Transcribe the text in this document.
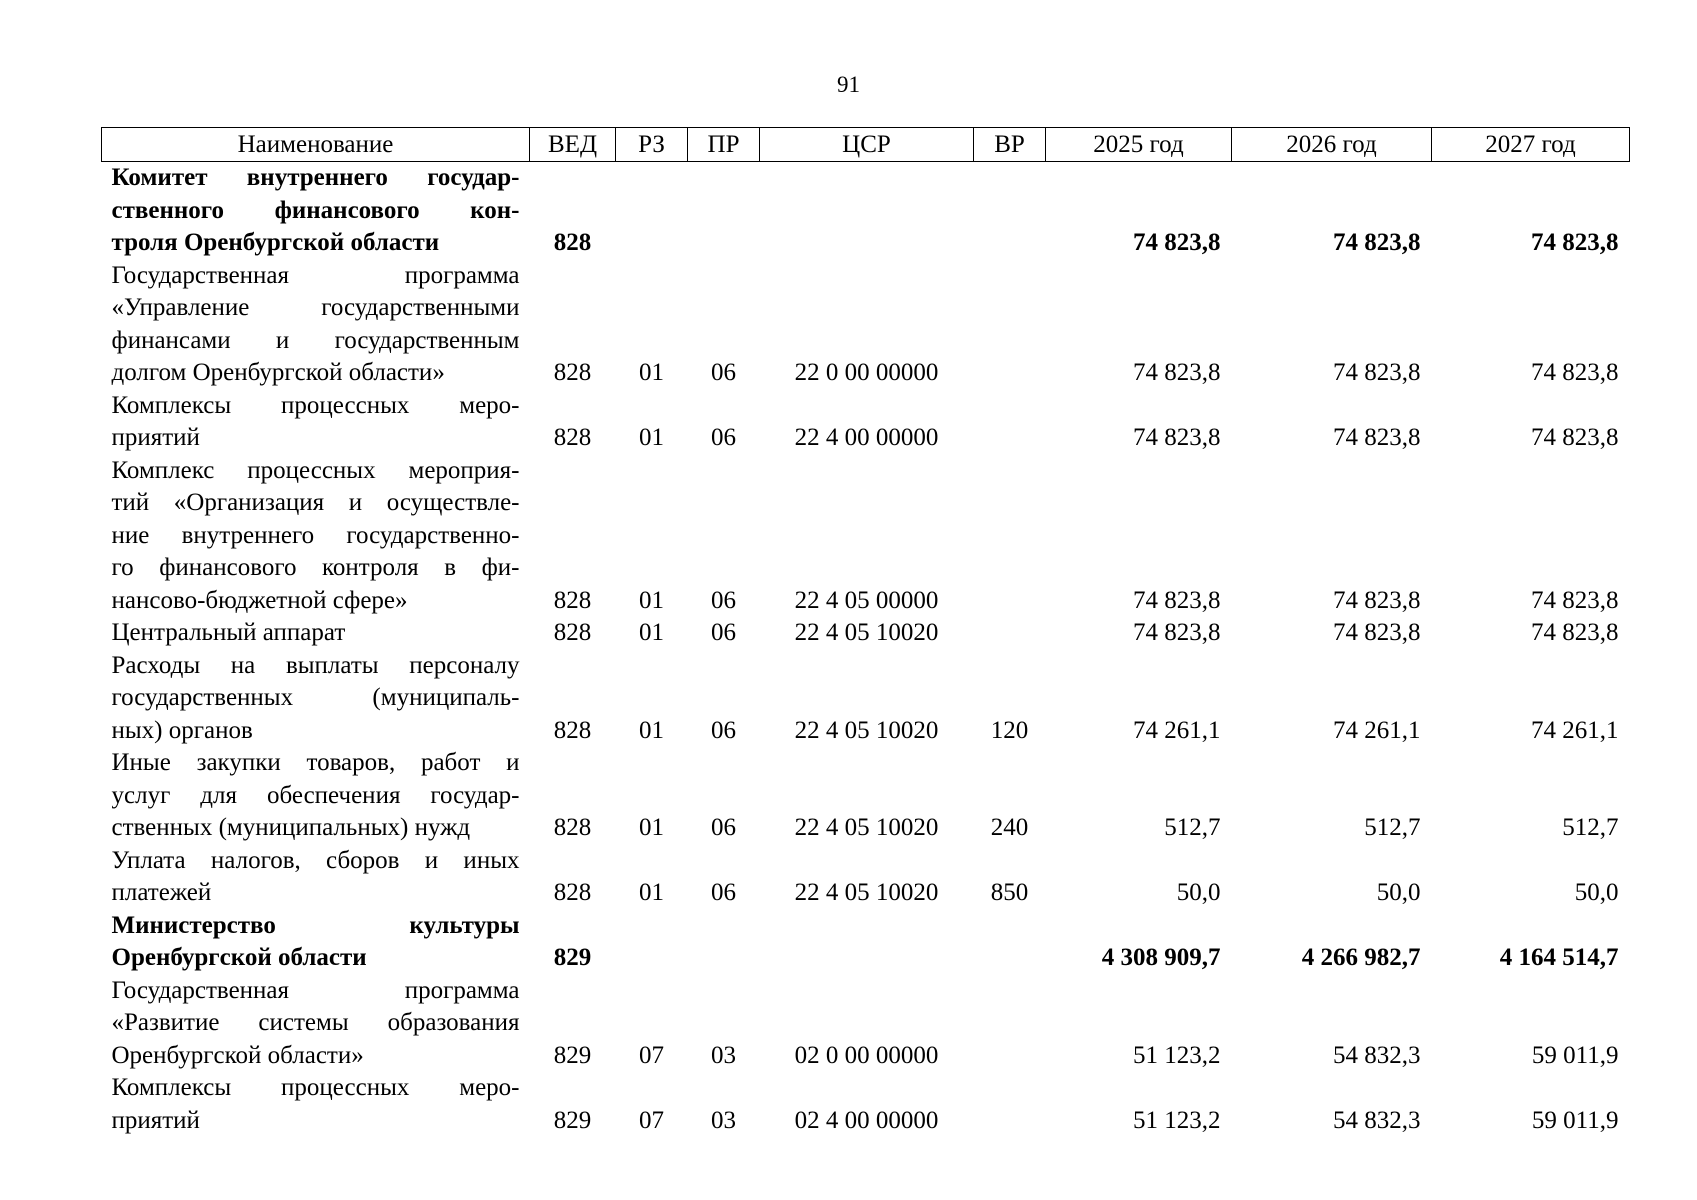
91
Наименование	ВЕД	РЗ	ПР	ЦСР	ВР	2025 год	2026 год	2027 год

Комитет внутреннего государ-
ственного финансового кон-
троля Оренбургской области	828					74 823,8	74 823,8	74 823,8

Государственная программа
«Управление государственными
финансами и государственным
долгом Оренбургской области»	828	01	06	22 0 00 00000		74 823,8	74 823,8	74 823,8

Комплексы процессных меро-
приятий	828	01	06	22 4 00 00000		74 823,8	74 823,8	74 823,8

Комплекс процессных мероприя-
тий «Организация и осуществле-
ние внутреннего государственно-
го финансового контроля в фи-
нансово-бюджетной сфере»	828	01	06	22 4 05 00000		74 823,8	74 823,8	74 823,8

Центральный аппарат	828	01	06	22 4 05 10020		74 823,8	74 823,8	74 823,8

Расходы на выплаты персоналу
государственных (муниципаль-
ных) органов	828	01	06	22 4 05 10020	120	74 261,1	74 261,1	74 261,1

Иные закупки товаров, работ и
услуг для обеспечения государ-
ственных (муниципальных) нужд	828	01	06	22 4 05 10020	240	512,7	512,7	512,7

Уплата налогов, сборов и иных
платежей	828	01	06	22 4 05 10020	850	50,0	50,0	50,0

Министерство культуры
Оренбургской области	829					4 308 909,7	4 266 982,7	4 164 514,7

Государственная программа
«Развитие системы образования
Оренбургской области»	829	07	03	02 0 00 00000		51 123,2	54 832,3	59 011,9

Комплексы процессных меро-
приятий	829	07	03	02 4 00 00000		51 123,2	54 832,3	59 011,9
